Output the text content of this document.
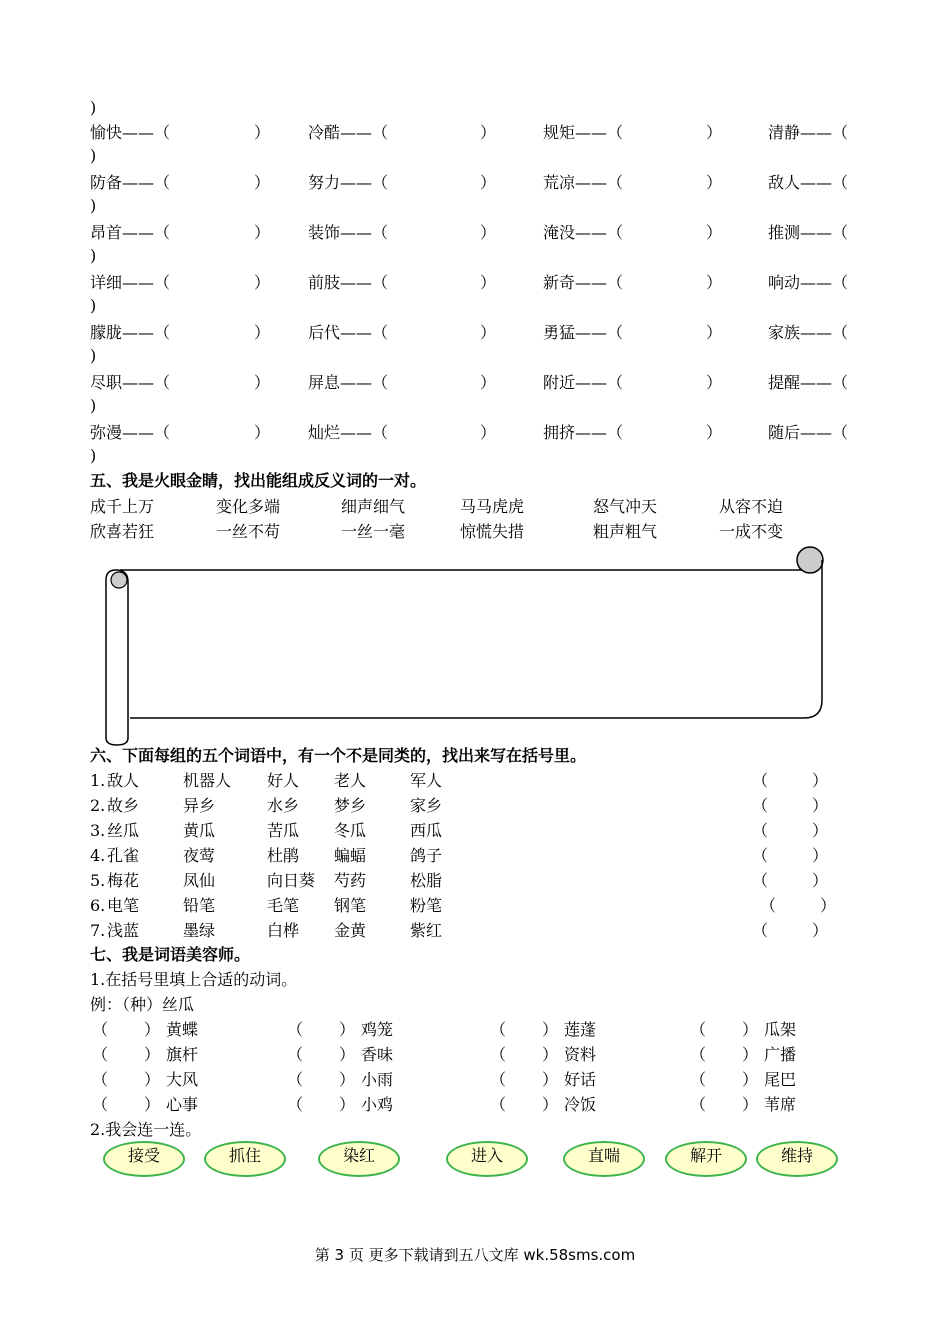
)
愉快——（	） 冷酷——（	）	规矩——（	）	清静——（
)
防备——（	） 努力——（	）	荒凉——（	）	敌人——（
)
昂首——（	） 装饰——（	）	淹没——（	）	推测——（
)
详细——（	） 前肢——（	）	新奇——（	）	响动——（
)
朦胧——（	） 后代——（	）	勇猛——（	）	家族——（
)
尽职——（	） 屏息——（	）	附近——（	）	提醒——（
)
弥漫——（	） 灿烂——（	）	拥挤——（	）	随后——（
)
五、我是火眼金睛，找出能组成反义词的一对。
成千上万	变化多端	细声细气	马马虎虎	怒气冲天	从容不迫
欣喜若狂	一丝不苟	一丝一毫	惊慌失措	粗声粗气	一成不变
六、下面每组的五个词语中，有一个不是同类的，找出来写在括号里。
1. 敌人	机器人 好人 老人	军人	（	）
2. 故乡	异乡	水乡 梦乡	家乡	（	）
3. 丝瓜	黄瓜	苦瓜 冬瓜	西瓜	（	）
4. 孔雀	夜莺	杜鹃 蝙蝠	鸽子	（	）
5. 梅花	凤仙	向日葵 芍药	松脂	（	）
6. 电笔	铅笔	毛笔 钢笔	粉笔	（	）
7. 浅蓝	墨绿	白桦 金黄	紫红	（	）
七、我是词语美容师。
1.在括号里填上合适的动词。
例：（种）丝瓜
（ ） 黄蝶	（ ） 鸡笼	（ ） 莲蓬	（ ） 瓜架
（ ） 旗杆	（ ） 香味	（ ） 资料	（ ） 广播
（ ） 大风	（ ） 小雨	（ ） 好话	（ ） 尾巴
（ ） 心事	（ ） 小鸡	（ ） 冷饭	（ ） 苇席
2.我会连一连。
接受	抓住	染红	进入	直喘	解开	维持
第 3 页 更多下载请到五八文库 wk.58sms.com
